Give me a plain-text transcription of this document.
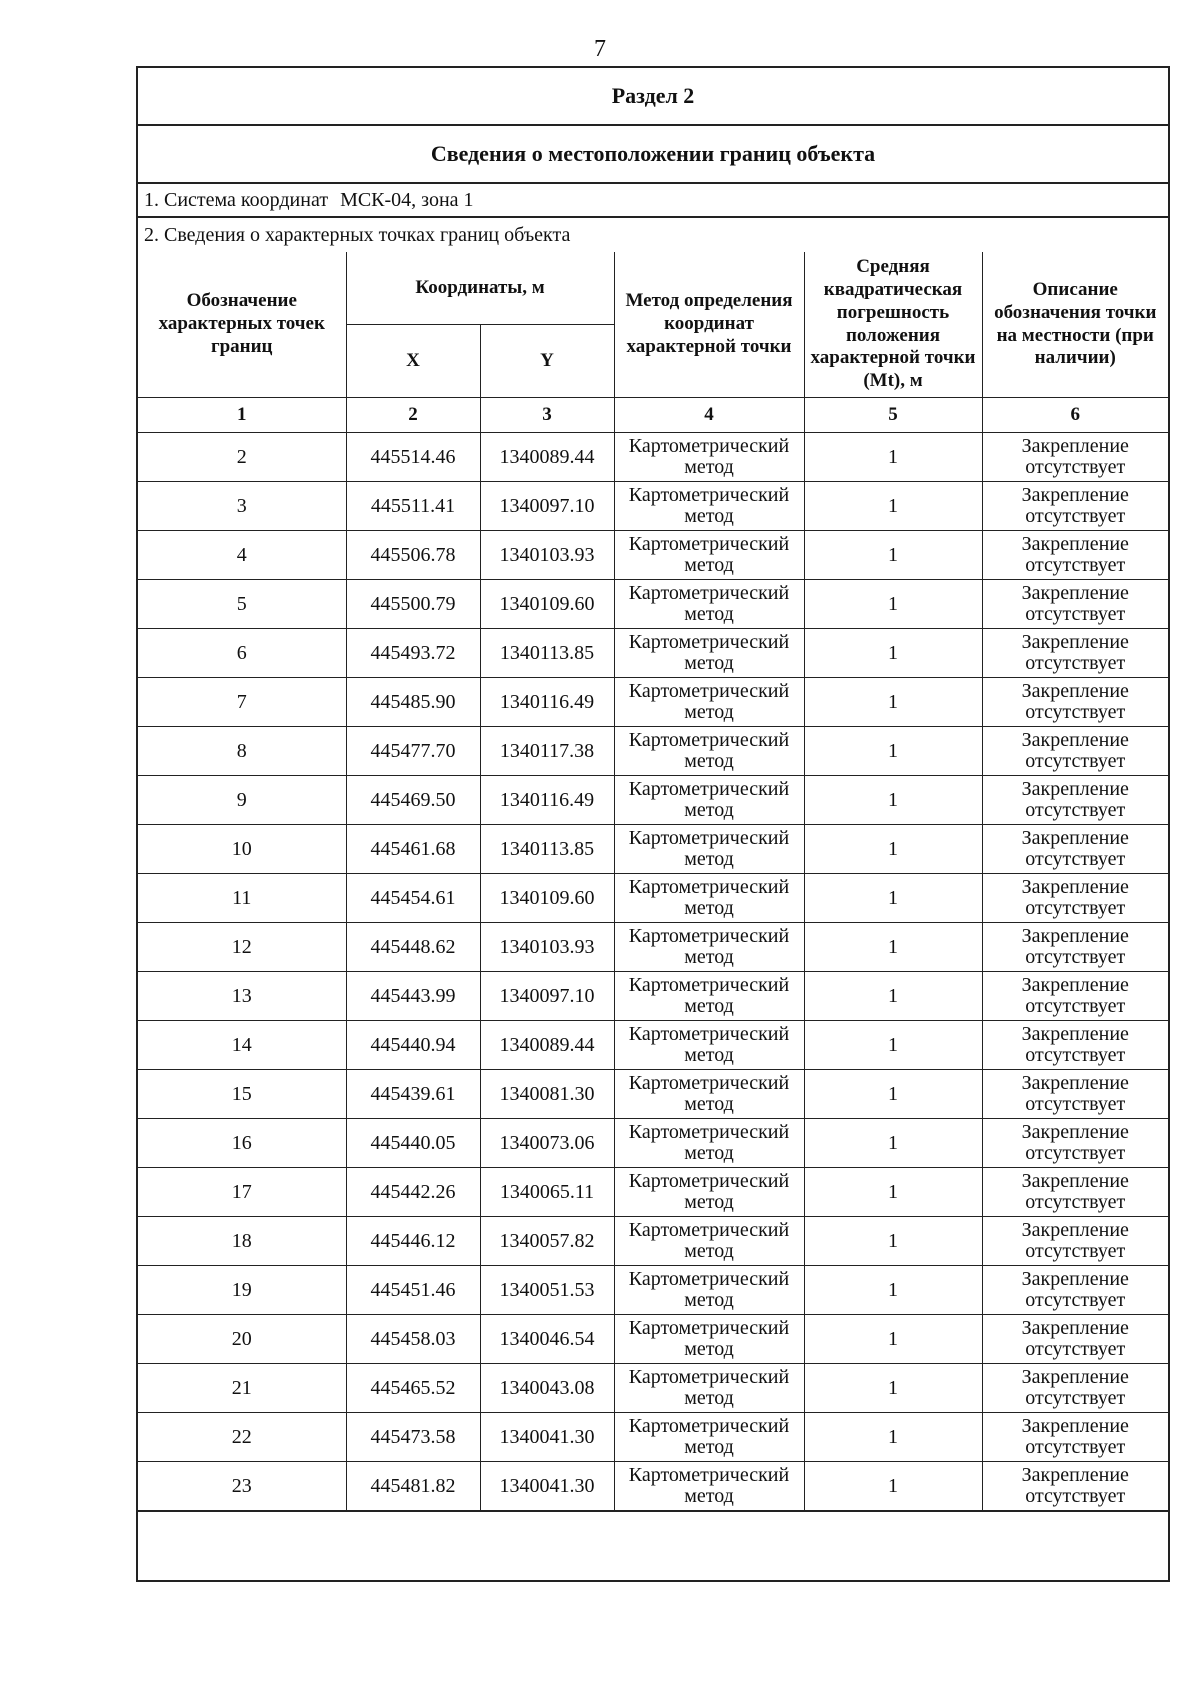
7
Раздел 2
Сведения о местоположении границ объекта
1. Система координат МСК-04, зона 1
2. Сведения о характерных точках границ объекта
Обозначение характерных точек границ	Координаты, м		Метод определения координат характерной точки	Средняя квадратическая погрешность положения характерной точки (Mt), м	Описание обозначения точки на местности (при наличии)
	X	Y			
1	2	3	4	5	6
2	445514.46	1340089.44	Картометрический метод	1	Закрепление отсутствует
3	445511.41	1340097.10	Картометрический метод	1	Закрепление отсутствует
4	445506.78	1340103.93	Картометрический метод	1	Закрепление отсутствует
5	445500.79	1340109.60	Картометрический метод	1	Закрепление отсутствует
6	445493.72	1340113.85	Картометрический метод	1	Закрепление отсутствует
7	445485.90	1340116.49	Картометрический метод	1	Закрепление отсутствует
8	445477.70	1340117.38	Картометрический метод	1	Закрепление отсутствует
9	445469.50	1340116.49	Картометрический метод	1	Закрепление отсутствует
10	445461.68	1340113.85	Картометрический метод	1	Закрепление отсутствует
11	445454.61	1340109.60	Картометрический метод	1	Закрепление отсутствует
12	445448.62	1340103.93	Картометрический метод	1	Закрепление отсутствует
13	445443.99	1340097.10	Картометрический метод	1	Закрепление отсутствует
14	445440.94	1340089.44	Картометрический метод	1	Закрепление отсутствует
15	445439.61	1340081.30	Картометрический метод	1	Закрепление отсутствует
16	445440.05	1340073.06	Картометрический метод	1	Закрепление отсутствует
17	445442.26	1340065.11	Картометрический метод	1	Закрепление отсутствует
18	445446.12	1340057.82	Картометрический метод	1	Закрепление отсутствует
19	445451.46	1340051.53	Картометрический метод	1	Закрепление отсутствует
20	445458.03	1340046.54	Картометрический метод	1	Закрепление отсутствует
21	445465.52	1340043.08	Картометрический метод	1	Закрепление отсутствует
22	445473.58	1340041.30	Картометрический метод	1	Закрепление отсутствует
23	445481.82	1340041.30	Картометрический метод	1	Закрепление отсутствует
